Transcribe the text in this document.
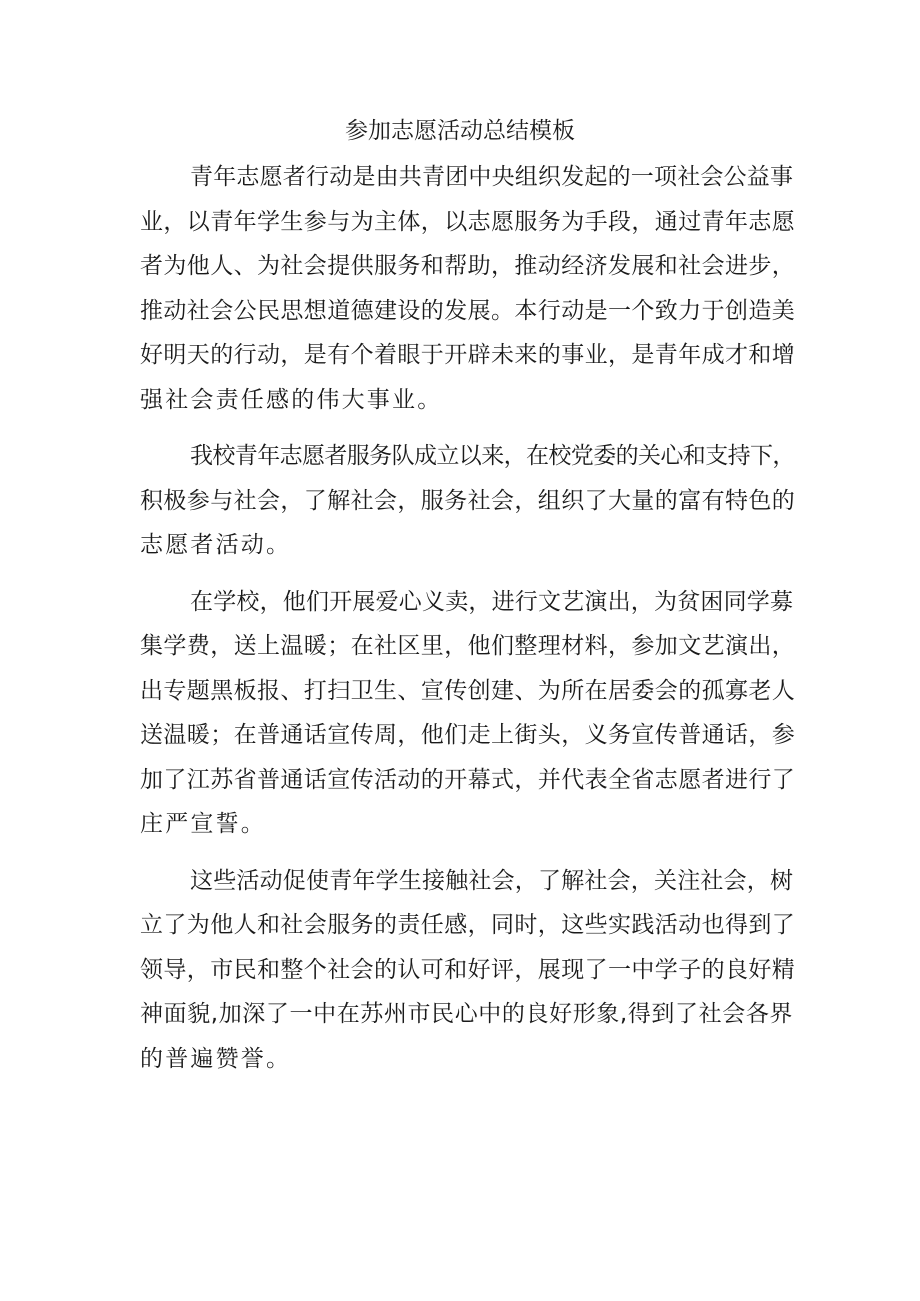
参加志愿活动总结模板

青年志愿者行动是由共青团中央组织发起的一项社会公益事
业，以青年学生参与为主体，以志愿服务为手段，通过青年志愿
者为他人、为社会提供服务和帮助，推动经济发展和社会进步，
推动社会公民思想道德建设的发展。本行动是一个致力于创造美
好明天的行动，是有个着眼于开辟未来的事业，是青年成才和增
强社会责任感的伟大事业。

我校青年志愿者服务队成立以来，在校党委的关心和支持下，
积极参与社会，了解社会，服务社会，组织了大量的富有特色的
志愿者活动。

在学校，他们开展爱心义卖，进行文艺演出，为贫困同学募
集学费，送上温暖；在社区里，他们整理材料，参加文艺演出，
出专题黑板报、打扫卫生、宣传创建、为所在居委会的孤寡老人
送温暖；在普通话宣传周，他们走上街头，义务宣传普通话，参
加了江苏省普通话宣传活动的开幕式，并代表全省志愿者进行了
庄严宣誓。

这些活动促使青年学生接触社会，了解社会，关注社会，树
立了为他人和社会服务的责任感，同时，这些实践活动也得到了
领导，市民和整个社会的认可和好评，展现了一中学子的良好精
神面貌,加深了一中在苏州市民心中的良好形象,得到了社会各界
的普遍赞誉。
